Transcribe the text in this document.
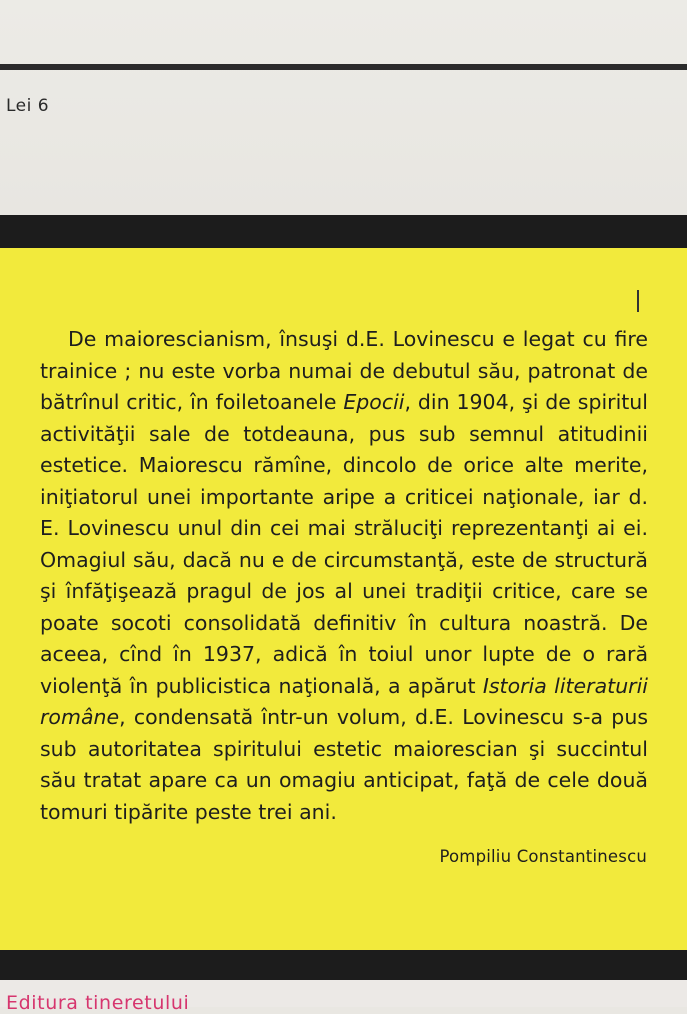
Lei 6

De maiorescianism, însuşi d.E. Lovinescu e legat cu fire trainice ; nu este vorba numai de debutul său, patronat de bătrînul critic, în foiletoanele Epocii, din 1904, şi de spiritul activităţii sale de totdeauna, pus sub semnul atitudinii estetice. Maiorescu rămîne, dincolo de orice alte merite, iniţiatorul unei importante aripe a criticei naţionale, iar d. E. Lovinescu unul din cei mai străluciţi reprezentanţi ai ei. Omagiul său, dacă nu e de circumstanţă, este de structură şi înfăţişează pragul de jos al unei tradiţii critice, care se poate socoti consolidată definitiv în cultura noastră. De aceea, cînd în 1937, adică în toiul unor lupte de o rară violenţă în publicistica naţională, a apărut Istoria literaturii române, condensată într-un volum, d.E. Lovinescu s-a pus sub autoritatea spiritului estetic maiorescian şi succintul său tratat apare ca un omagiu anticipat, faţă de cele două tomuri tipărite peste trei ani.

Pompiliu Constantinescu
Editura tineretului
